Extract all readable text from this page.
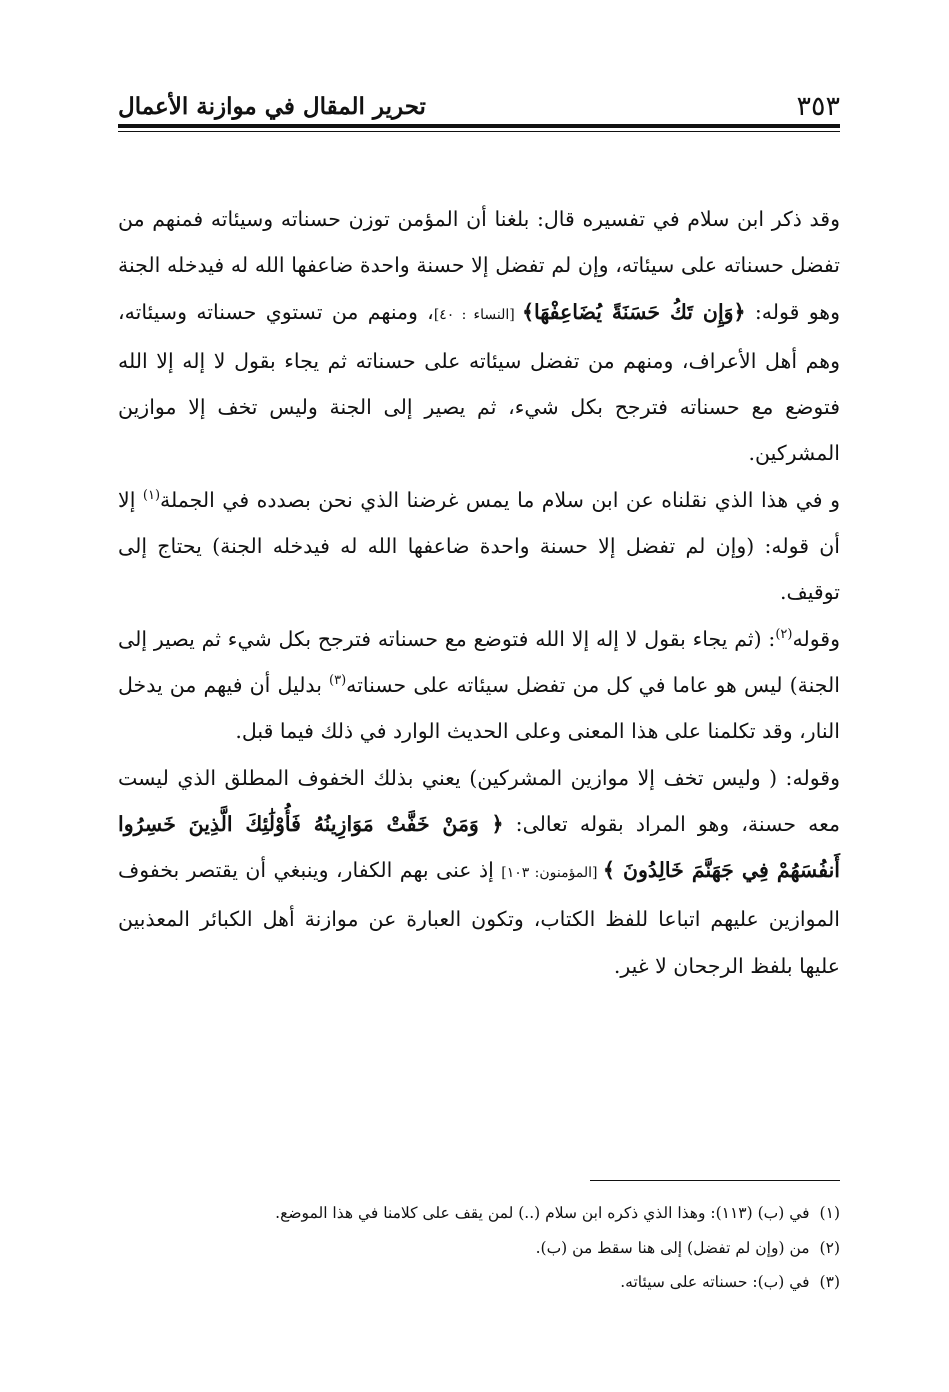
٣٥٣
تحرير المقال في موازنة الأعمال

وقد ذكر ابن سلام في تفسيره قال: بلغنا أن المؤمن توزن حسناته وسيئاته فمنهم من تفضل حسناته على سيئاته، وإن لم تفضل إلا حسنة واحدة ضاعفها الله له فيدخله الجنة وهو قوله: ﴿وَإِن تَكُ حَسَنَةً يُضَاعِفْهَا﴾ [النساء : ٤٠]، ومنهم من تستوي حسناته وسيئاته، وهم أهل الأعراف، ومنهم من تفضل سيئاته على حسناته ثم يجاء بقول لا إله إلا الله فتوضع مع حسناته فترجح بكل شيء، ثم يصير إلى الجنة وليس تخف إلا موازين المشركين.

و في هذا الذي نقلناه عن ابن سلام ما يمس غرضنا الذي نحن بصدده في الجملة$^{(١)}$ إلا أن قوله: (وإن لم تفضل إلا حسنة واحدة ضاعفها الله له فيدخله الجنة) يحتاج إلى توقيف.

وقوله$^{(٢)}$: (ثم يجاء بقول لا إله إلا الله فتوضع مع حسناته فترجح بكل شيء ثم يصير إلى الجنة) ليس هو عاما في كل من تفضل سيئاته على حسناته$^{(٣)}$ بدليل أن فيهم من يدخل النار، وقد تكلمنا على هذا المعنى وعلى الحديث الوارد في ذلك فيما قبل.

وقوله: ( وليس تخف إلا موازين المشركين) يعني بذلك الخفوف المطلق الذي ليست معه حسنة، وهو المراد بقوله تعالى: ﴿ وَمَنْ خَفَّتْ مَوَازِينُهُ فَأُوْلَٰئِكَ الَّذِينَ خَسِرُوا أَنفُسَهُمْ فِي جَهَنَّمَ خَالِدُونَ ﴾ [المؤمنون: ١٠٣] إذ عنى بهم الكفار، وينبغي أن يقتصر بخفوف الموازين عليهم اتباعا للفظ الكتاب، وتكون العبارة عن موازنة أهل الكبائر المعذبين عليها بلفظ الرجحان لا غير.

(١)في (ب) (١١٣): وهذا الذي ذكره ابن سلام (..) لمن يقف على كلامنا في هذا الموضع.

(٢)من (وإن لم تفضل) إلى هنا سقط من (ب).

(٣)في (ب): حسناته على سيئاته.
